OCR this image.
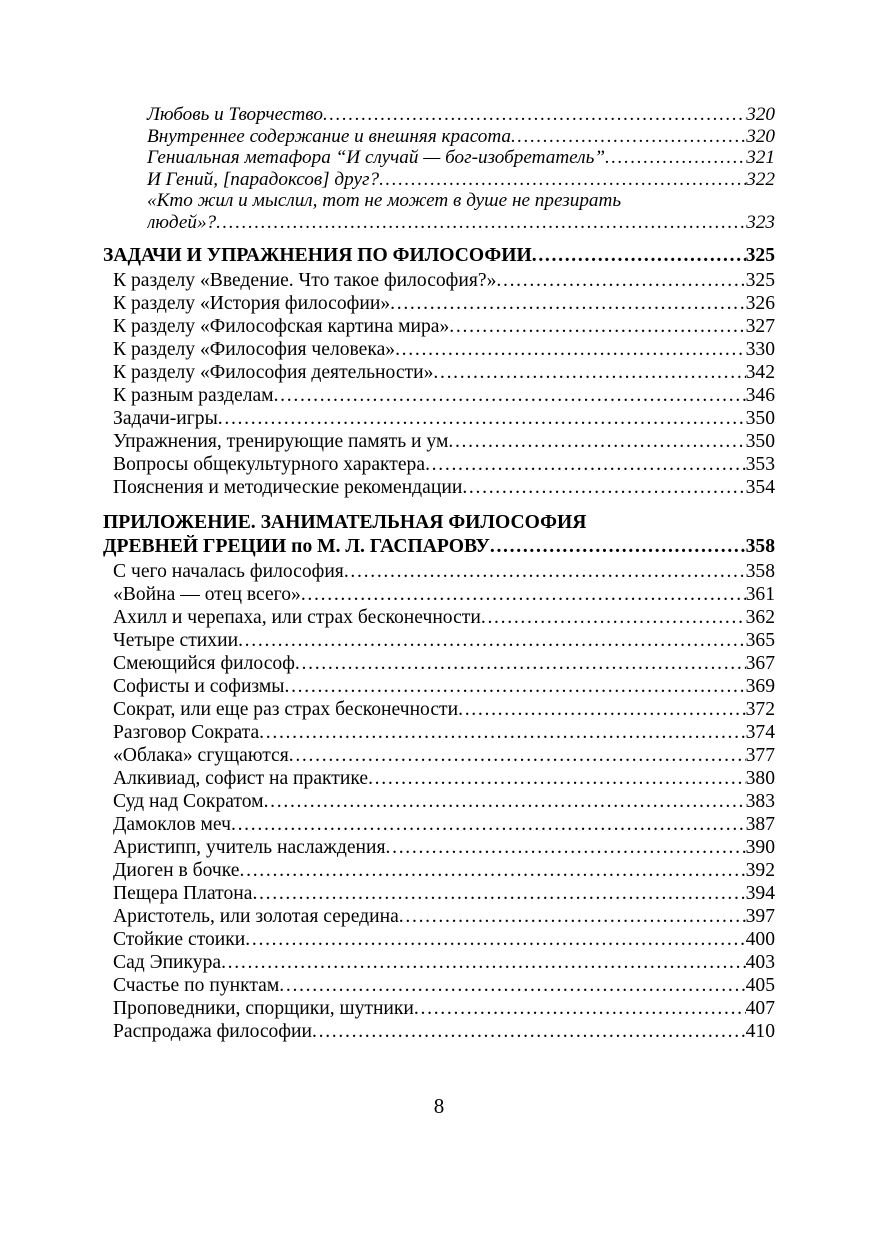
Любовь и Творчество . . .	320
Внутреннее содержание и внешняя красота . . .	320
Гениальная метафора “И случай — бог-изобретатель” . . .	321
И Гений, [парадоксов] друг? . . .	322
«Кто жил и мыслил, тот не может в душе не презирать
людей»? . . .	323
ЗАДАЧИ И УПРАЖНЕНИЯ ПО ФИЛОСОФИИ . . .	325
К разделу «Введение. Что такое философия?» . . .	325
К разделу «История философии» . . .	326
К разделу «Философская картина мира» . . .	327
К разделу «Философия человека» . . .	330
К разделу «Философия деятельности» . . .	342
К разным разделам . . .	346
Задачи-игры . . .	350
Упражнения, тренирующие память и ум . . .	350
Вопросы общекультурного характера . . .	353
Пояснения и методические рекомендации . . .	354
ПРИЛОЖЕНИЕ. ЗАНИМАТЕЛЬНАЯ ФИЛОСОФИЯ
ДРЕВНЕЙ ГРЕЦИИ по М. Л. ГАСПАРОВУ . . .	358
С чего началась философия . . .	358
«Война — отец всего» . . .	361
Ахилл и черепаха, или страх бесконечности . . .	362
Четыре стихии . . .	365
Смеющийся философ . . .	367
Софисты и софизмы . . .	369
Сократ, или еще раз страх бесконечности . . .	372
Разговор Сократа . . .	374
«Облака» сгущаются . . .	377
Алкивиад, софист на практике . . .	380
Суд над Сократом . . .	383
Дамоклов меч . . .	387
Аристипп, учитель наслаждения . . .	390
Диоген в бочке . . .	392
Пещера Платона . . .	394
Аристотель, или золотая середина . . .	397
Стойкие стоики . . .	400
Сад Эпикура . . .	403
Счастье по пунктам . . .	405
Проповедники, спорщики, шутники . . .	407
Распродажа философии . . .	410
8
